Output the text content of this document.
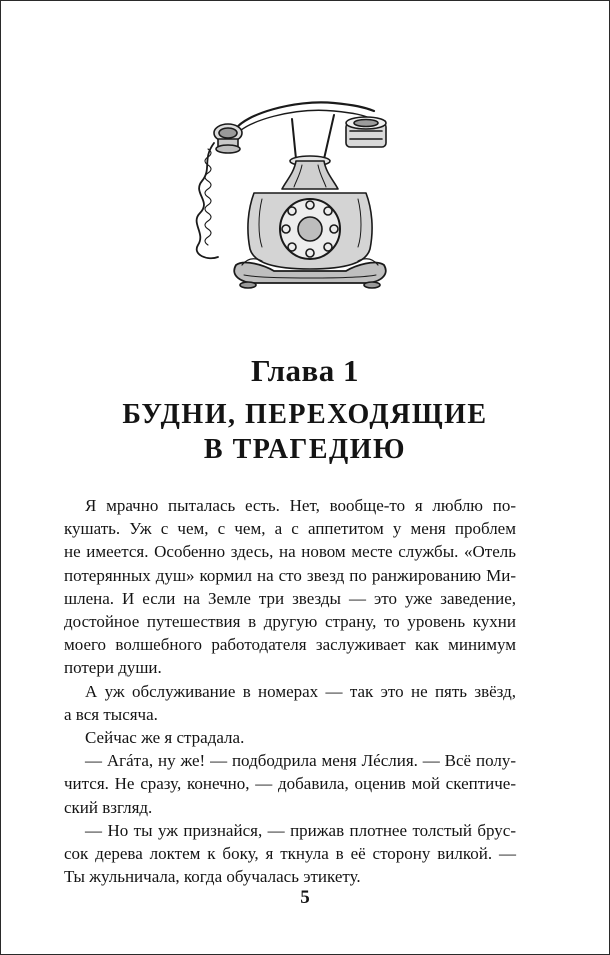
Глава 1
БУДНИ, ПЕРЕХОДЯЩИЕ
В ТРАГЕДИЮ
Я мрачно пыталась есть. Нет, вообще-то я люблю по-
кушать. Уж с чем, с чем, а с аппетитом у меня проблем
не имеется. Особенно здесь, на новом месте службы. «Отель
потерянных душ» кормил на сто звезд по ранжированию Ми-
шлена. И если на Земле три звезды — это уже заведение,
достойное путешествия в другую страну, то уровень кухни
моего волшебного работодателя заслуживает как минимум
потери души.
А уж обслуживание в номерах — так это не пять звёзд,
а вся тысяча.
Сейчас же я страдала.
— Агáта, ну же! — подбодрила меня Лéслия. — Всё полу-
чится. Не сразу, конечно, — добавила, оценив мой скептиче-
ский взгляд.
— Но ты уж признайся, — прижав плотнее толстый брус-
сок дерева локтем к боку, я ткнула в её сторону вилкой. —
Ты жульничала, когда обучалась этикету.
5
